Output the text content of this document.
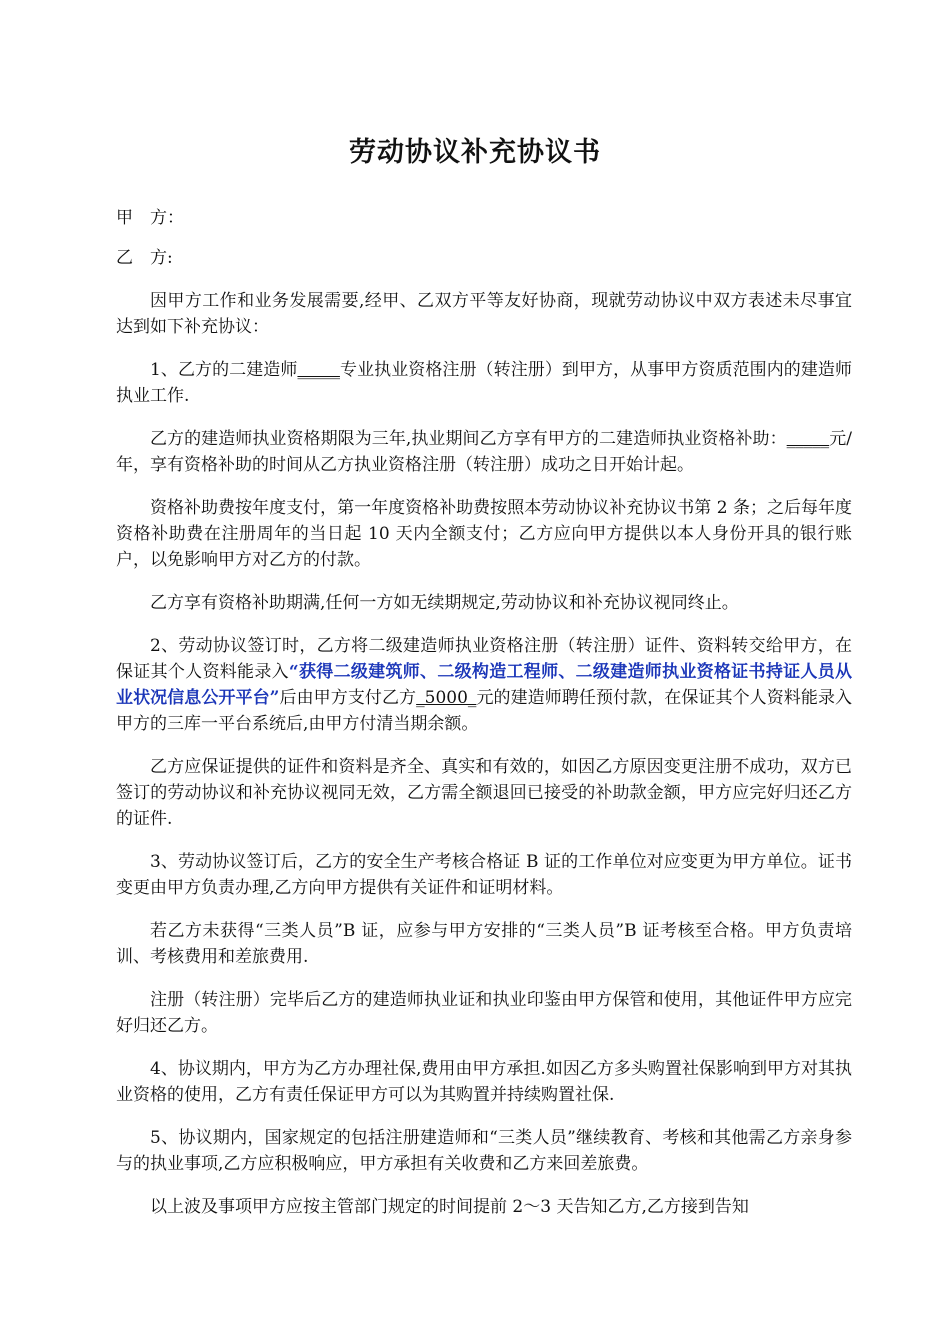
劳动协议补充协议书
甲　方：
乙　方:

因甲方工作和业务发展需要,经甲、乙双方平等友好协商，现就劳动协议中双方表述未尽事宜达到如下补充协议：

1、乙方的二建造师_____专业执业资格注册（转注册）到甲方，从事甲方资质范围内的建造师执业工作.

乙方的建造师执业资格期限为三年,执业期间乙方享有甲方的二建造师执业资格补助：_____元/年，享有资格补助的时间从乙方执业资格注册（转注册）成功之日开始计起。

资格补助费按年度支付，第一年度资格补助费按照本劳动协议补充协议书第 2 条；之后每年度资格补助费在注册周年的当日起 10 天内全额支付；乙方应向甲方提供以本人身份开具的银行账户，以免影响甲方对乙方的付款。

乙方享有资格补助期满,任何一方如无续期规定,劳动协议和补充协议视同终止。

2、劳动协议签订时，乙方将二级建造师执业资格注册（转注册）证件、资料转交给甲方，在保证其个人资料能录入“获得二级建筑师、二级构造工程师、二级建造师执业资格证书持证人员从业状况信息公开平台”后由甲方支付乙方_5000_元的建造师聘任预付款，在保证其个人资料能录入甲方的三库一平台系统后,由甲方付清当期余额。

乙方应保证提供的证件和资料是齐全、真实和有效的，如因乙方原因变更注册不成功，双方已签订的劳动协议和补充协议视同无效，乙方需全额退回已接受的补助款金额，甲方应完好归还乙方的证件.

3、劳动协议签订后，乙方的安全生产考核合格证 B 证的工作单位对应变更为甲方单位。证书变更由甲方负责办理,乙方向甲方提供有关证件和证明材料。

若乙方未获得“三类人员”B 证，应参与甲方安排的“三类人员”B 证考核至合格。甲方负责培训、考核费用和差旅费用.

注册（转注册）完毕后乙方的建造师执业证和执业印鉴由甲方保管和使用，其他证件甲方应完好归还乙方。

4、协议期内，甲方为乙方办理社保,费用由甲方承担.如因乙方多头购置社保影响到甲方对其执业资格的使用，乙方有责任保证甲方可以为其购置并持续购置社保.

5、协议期内，国家规定的包括注册建造师和“三类人员”继续教育、考核和其他需乙方亲身参与的执业事项,乙方应积极响应，甲方承担有关收费和乙方来回差旅费。

以上波及事项甲方应按主管部门规定的时间提前 2～3 天告知乙方,乙方接到告知
